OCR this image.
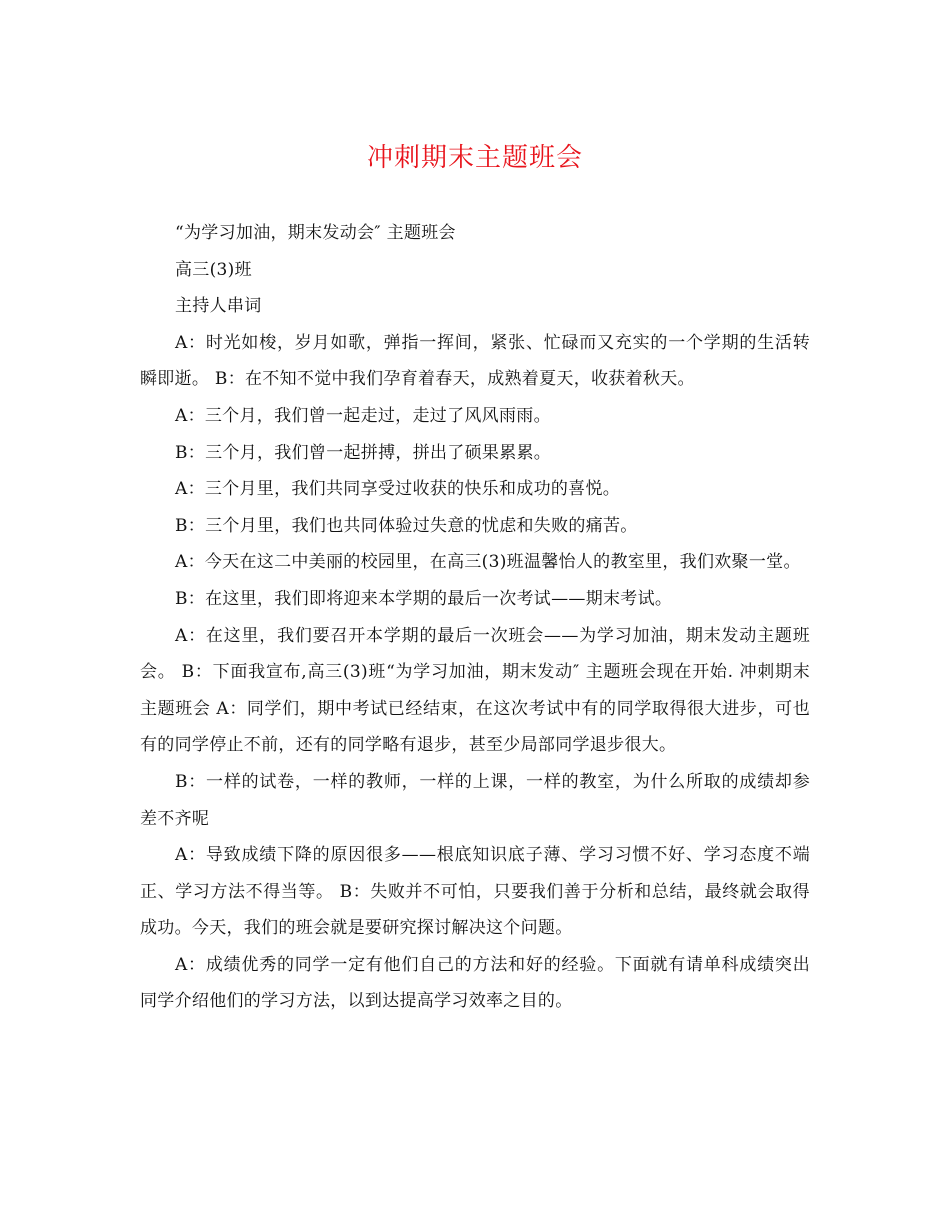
冲刺期末主题班会

“为学习加油，期末发动会″ 主题班会

高三(3)班

主持人串词

A：时光如梭，岁月如歌，弹指一挥间，紧张、忙碌而又充实的一个学期的生活转瞬即逝。 B：在不知不觉中我们孕育着春天，成熟着夏天，收获着秋天。

A：三个月，我们曾一起走过，走过了风风雨雨。

B：三个月，我们曾一起拼搏，拼出了硕果累累。

A：三个月里，我们共同享受过收获的快乐和成功的喜悦。

B：三个月里，我们也共同体验过失意的忧虑和失败的痛苦。

A：今天在这二中美丽的校园里，在高三(3)班温馨怡人的教室里，我们欢聚一堂。

B：在这里，我们即将迎来本学期的最后一次考试——期末考试。

A：在这里，我们要召开本学期的最后一次班会——为学习加油，期末发动主题班会。 B：下面我宣布,高三(3)班“为学习加油，期末发动″ 主题班会现在开始. 冲刺期末主题班会 A：同学们，期中考试已经结束，在这次考试中有的同学取得很大进步，可也有的同学停止不前，还有的同学略有退步，甚至少局部同学退步很大。

B：一样的试卷，一样的教师，一样的上课，一样的教室，为什么所取的成绩却参差不齐呢

A：导致成绩下降的原因很多——根底知识底子薄、学习习惯不好、学习态度不端正、学习方法不得当等。 B：失败并不可怕，只要我们善于分析和总结，最终就会取得成功。今天，我们的班会就是要研究探讨解决这个问题。

A：成绩优秀的同学一定有他们自己的方法和好的经验。下面就有请单科成绩突出同学介绍他们的学习方法，以到达提高学习效率之目的。
